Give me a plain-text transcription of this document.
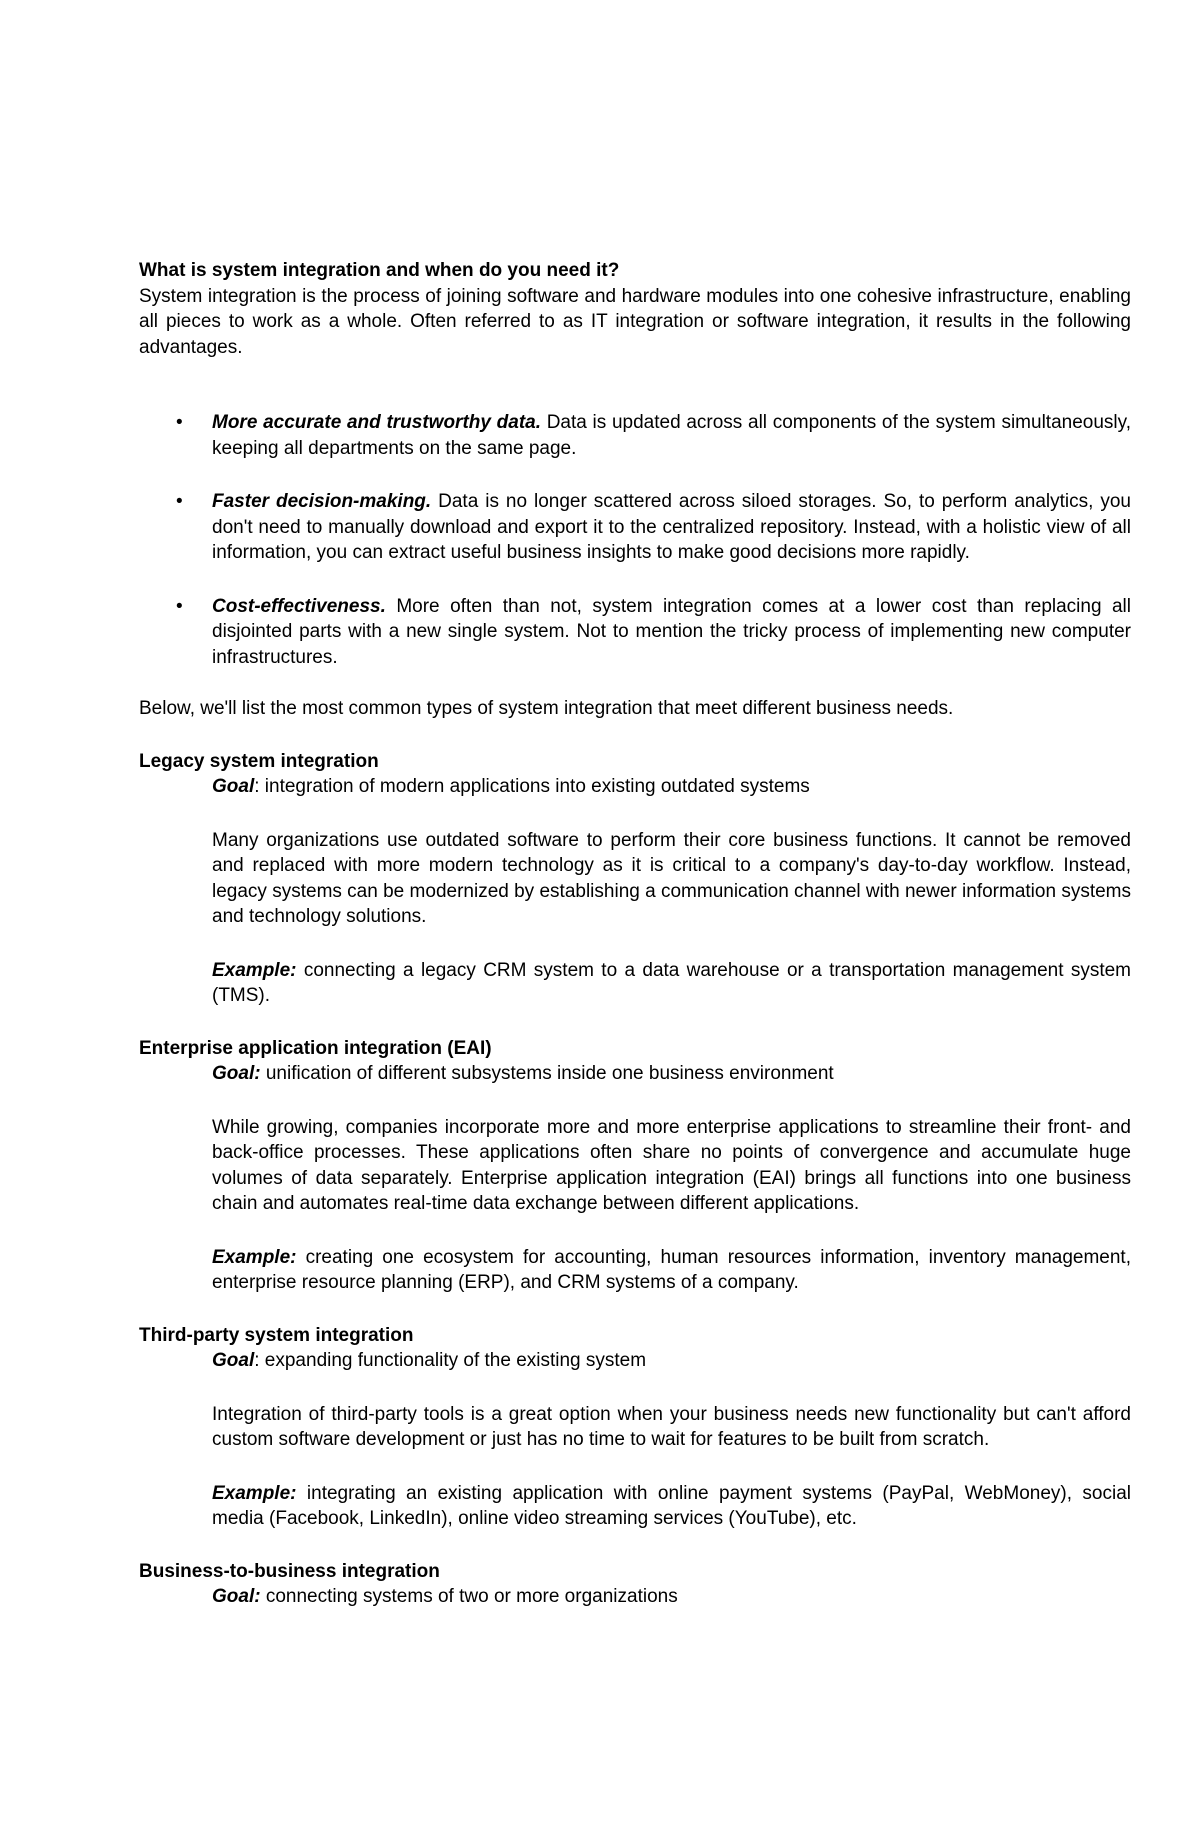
What is system integration and when do you need it?

System integration is the process of joining software and hardware modules into one cohesive infrastructure, enabling all pieces to work as a whole. Often referred to as IT integration or software integration, it results in the following advantages.

• More accurate and trustworthy data. Data is updated across all components of the system simultaneously, keeping all departments on the same page.
• Faster decision-making. Data is no longer scattered across siloed storages. So, to perform analytics, you don't need to manually download and export it to the centralized repository. Instead, with a holistic view of all information, you can extract useful business insights to make good decisions more rapidly.
• Cost-effectiveness. More often than not, system integration comes at a lower cost than replacing all disjointed parts with a new single system. Not to mention the tricky process of implementing new computer infrastructures.

Below, we'll list the most common types of system integration that meet different business needs.

Legacy system integration

Goal: integration of modern applications into existing outdated systems

Many organizations use outdated software to perform their core business functions. It cannot be removed and replaced with more modern technology as it is critical to a company's day-to-day workflow. Instead, legacy systems can be modernized by establishing a communication channel with newer information systems and technology solutions.

Example: connecting a legacy CRM system to a data warehouse or a transportation management system (TMS).

Enterprise application integration (EAI)

Goal: unification of different subsystems inside one business environment

While growing, companies incorporate more and more enterprise applications to streamline their front- and back-office processes. These applications often share no points of convergence and accumulate huge volumes of data separately. Enterprise application integration (EAI) brings all functions into one business chain and automates real-time data exchange between different applications.

Example: creating one ecosystem for accounting, human resources information, inventory management, enterprise resource planning (ERP), and CRM systems of a company.

Third-party system integration

Goal: expanding functionality of the existing system

Integration of third-party tools is a great option when your business needs new functionality but can't afford custom software development or just has no time to wait for features to be built from scratch.

Example: integrating an existing application with online payment systems (PayPal, WebMoney), social media (Facebook, LinkedIn), online video streaming services (YouTube), etc.

Business-to-business integration

Goal: connecting systems of two or more organizations
